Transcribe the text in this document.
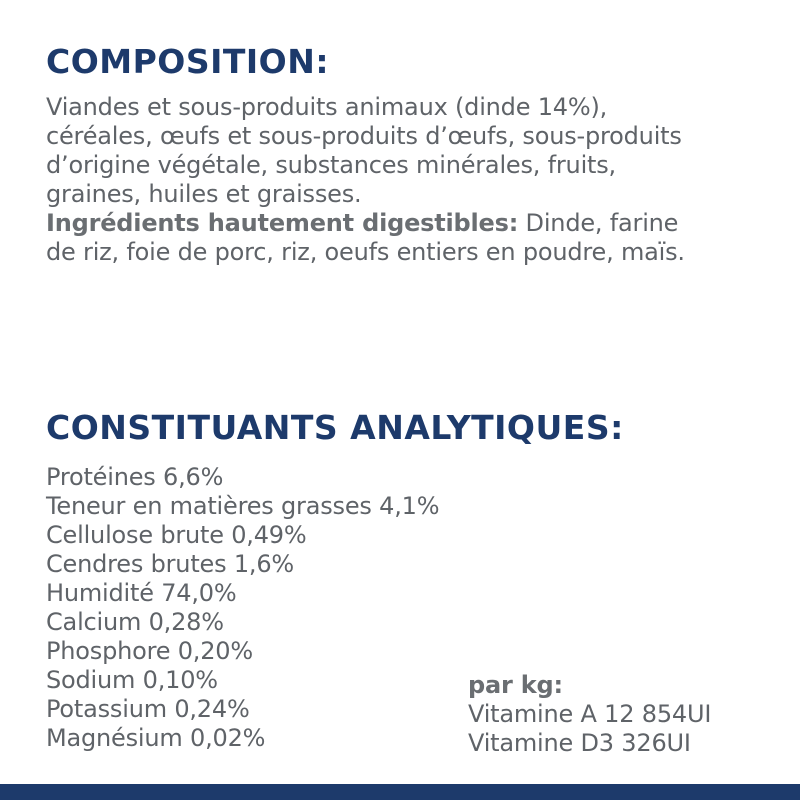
COMPOSITION:
Viandes et sous-produits animaux (dinde 14%),
céréales, œufs et sous-produits d’œufs, sous-produits
d’origine végétale, substances minérales, fruits,
graines, huiles et graisses.
Ingrédients hautement digestibles: Dinde, farine
de riz, foie de porc, riz, oeufs entiers en poudre, maïs.
CONSTITUANTS ANALYTIQUES:
Protéines 6,6%
Teneur en matières grasses 4,1%
Cellulose brute 0,49%
Cendres brutes 1,6%
Humidité 74,0%
Calcium 0,28%
Phosphore 0,20%
Sodium 0,10%
Potassium 0,24%
Magnésium 0,02%
par kg:
Vitamine A 12 854UI
Vitamine D3 326UI
